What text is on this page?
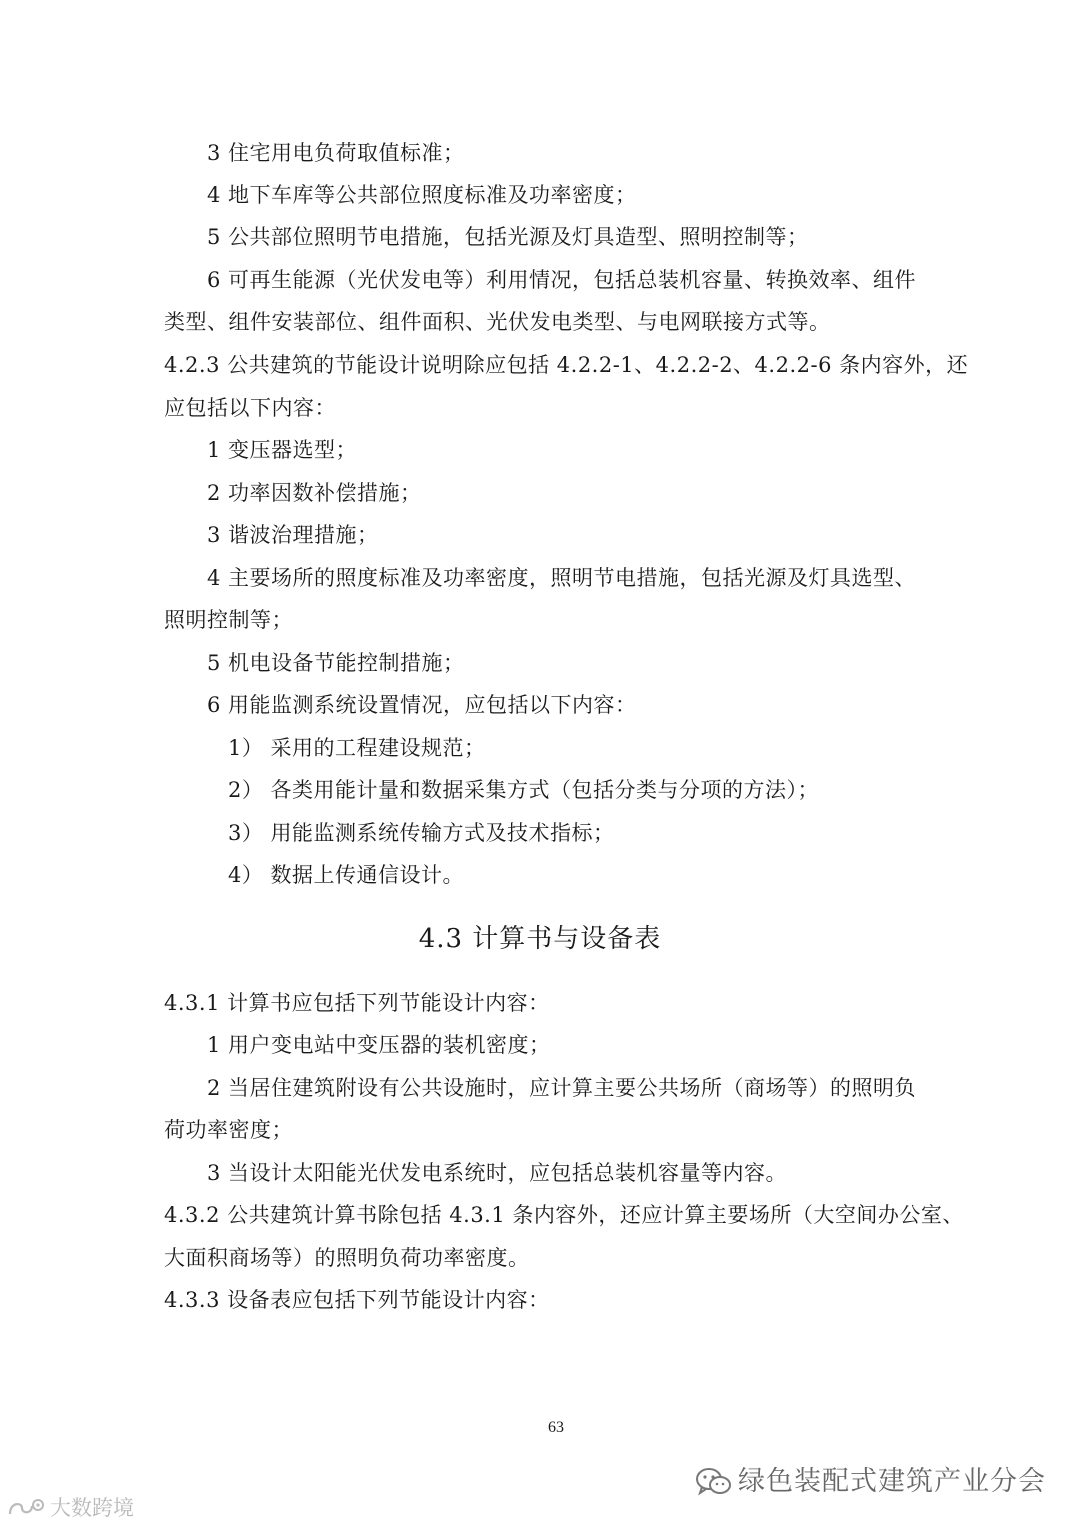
3 住宅用电负荷取值标准；
4 地下车库等公共部位照度标准及功率密度；
5 公共部位照明节电措施，包括光源及灯具造型、照明控制等；
6 可再生能源（光伏发电等）利用情况，包括总装机容量、转换效率、组件
类型、组件安装部位、组件面积、光伏发电类型、与电网联接方式等。
4.2.3 公共建筑的节能设计说明除应包括 4.2.2-1、4.2.2-2、4.2.2-6 条内容外，还
应包括以下内容：
1 变压器选型；
2 功率因数补偿措施；
3 谐波治理措施；
4 主要场所的照度标准及功率密度，照明节电措施，包括光源及灯具选型、
照明控制等；
5 机电设备节能控制措施；
6 用能监测系统设置情况，应包括以下内容：
1） 采用的工程建设规范；
2） 各类用能计量和数据采集方式（包括分类与分项的方法）；
3） 用能监测系统传输方式及技术指标；
4） 数据上传通信设计。
4.3 计算书与设备表
4.3.1 计算书应包括下列节能设计内容：
1 用户变电站中变压器的装机密度；
2 当居住建筑附设有公共设施时，应计算主要公共场所（商场等）的照明负
荷功率密度；
3 当设计太阳能光伏发电系统时，应包括总装机容量等内容。
4.3.2 公共建筑计算书除包括 4.3.1 条内容外，还应计算主要场所（大空间办公室、
大面积商场等）的照明负荷功率密度。
4.3.3 设备表应包括下列节能设计内容：
63
绿色装配式建筑产业分会
大数跨境
